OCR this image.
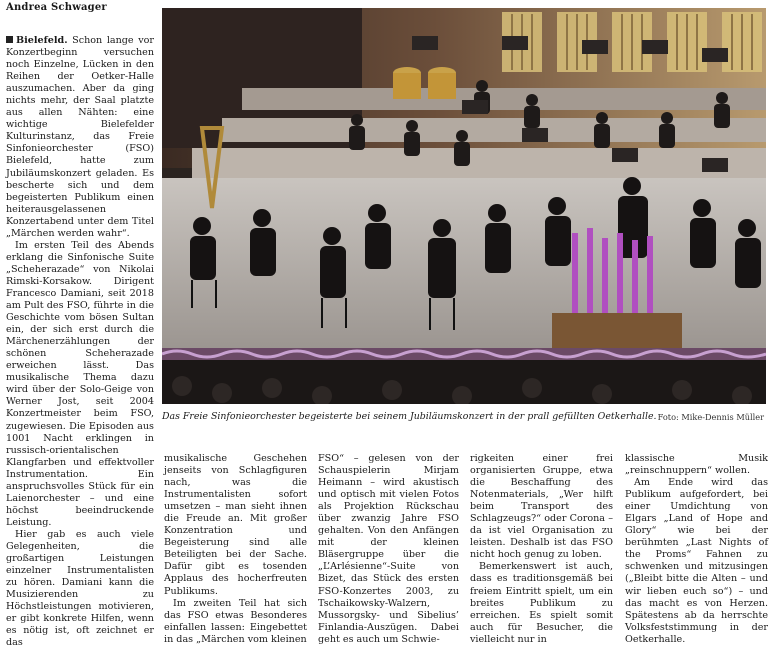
Andrea Schwager

Bielefeld. Schon lange vor Konzertbeginn versuchen noch Einzelne, Lücken in den Reihen der Oetker-Halle auszumachen. Aber da ging nichts mehr, der Saal platzte aus allen Nähten: eine wichtige Bielefelder Kulturinstanz, das Freie Sinfonieorchester (FSO) Bielefeld, hatte zum Jubiläumskonzert geladen. Es bescherte sich und dem begeisterten Publikum einen heiterausgelassenen Konzertabend unter dem Titel „Märchen werden wahr“.

Im ersten Teil des Abends erklang die Sinfonische Suite „Scheherazade“ von Nikolai Rimski-Korsakow. Dirigent Francesco Damiani, seit 2018 am Pult des FSO, führte in die Geschichte vom bösen Sultan ein, der sich erst durch die Märchenerzählungen der schönen Scheherazade erweichen lässt. Das musikalische Thema dazu wird über der Solo-Geige von Werner Jost, seit 2004 Konzertmeister beim FSO, zugewiesen. Die Episoden aus 1001 Nacht erklingen in russisch-orientalischen Klangfarben und effektvoller Instrumentation. Ein anspruchsvolles Stück für ein Laienorchester – und eine höchst beeindruckende Leistung.

Hier gab es auch viele Gelegenheiten, die großartigen Leistungen einzelner Instrumentalisten zu hören. Damiani kann die Musizierenden zu Höchstleistungen motivieren, er gibt konkrete Hilfen, wenn es nötig ist, oft zeichnet er das

Das Freie Sinfonieorchester begeisterte bei seinem Jubiläumskonzert in der prall gefüllten Oetkerhalle. Foto: Mike-Dennis Müller

musikalische Geschehen jenseits von Schlagfiguren nach, was die Instrumentalisten sofort umsetzen – man sieht ihnen die Freude an. Mit großer Konzentration und Begeisterung sind alle Beteiligten bei der Sache. Dafür gibt es tosenden Applaus des hocherfreuten Publikums.

Im zweiten Teil hat sich das FSO etwas Besonderes einfallen lassen: Eingebettet in das „Märchen vom kleinen

FSO“ – gelesen von der Schauspielerin Mirjam Heimann – wird akustisch und optisch mit vielen Fotos als Projektion Rückschau über zwanzig Jahre FSO gehalten. Von den Anfängen mit der kleinen Bläsergruppe über die „L’Arlésienne“-Suite von Bizet, das Stück des ersten FSO-Konzertes 2003, zu Tschaikowsky-Walzern, Mussorgsky- und Sibelius’ Finlandia-Auszügen. Dabei geht es auch um Schwie-

rigkeiten einer frei organisierten Gruppe, etwa die Beschaffung des Notenmaterials, „Wer hilft beim Transport des Schlagzeugs?“ oder Corona – da ist viel Organisation zu leisten. Deshalb ist das FSO nicht hoch genug zu loben.

Bemerkenswert ist auch, dass es traditionsgemäß bei freiem Eintritt spielt, um ein breites Publikum zu erreichen. Es spielt somit auch für Besucher, die vielleicht nur in

klassische Musik „reinschnuppern“ wollen.

Am Ende wird das Publikum aufgefordert, bei einer Umdichtung von Elgars „Land of Hope and Glory“ wie bei der berühmten „Last Nights of the Proms“ Fahnen zu schwenken und mitzusingen („Bleibt bitte die Alten – und wir lieben euch so“) – und das macht es von Herzen. Spätestens ab da herrschte Volksfeststimmung in der Oetkerhalle.
